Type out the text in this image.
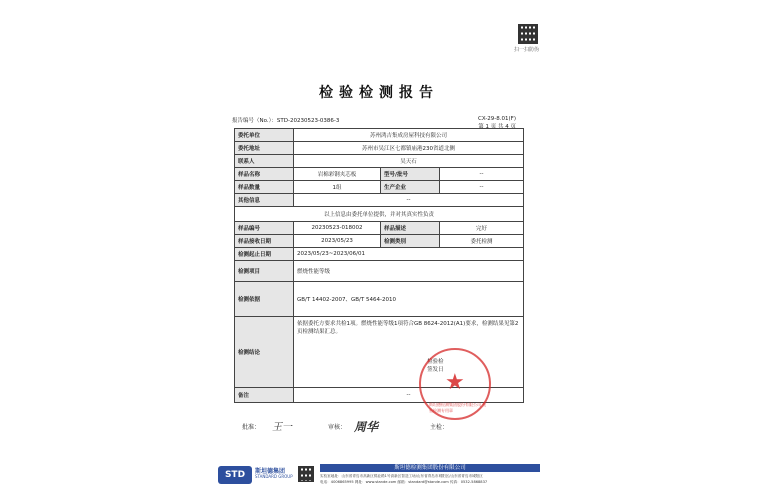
扫一扫防伪
检验检测报告
报告编号（No.）：STD-20230523-0386-3	CX-29-8.01(F)
第 1 页 共 4 页
委托单位	苏州鸿吉集成房屋科技有限公司		
委托地址	苏州市吴江区七都镇庙港230省道北侧		
联系人	吴天石		
样品名称	岩棉彩钢夹芯板	型号/批号	--
样品数量	1组	生产企业	--
其他信息	--		
以上信息由委托单位提供，并对其真实性负责			
样品编号	20230523-018002	样品描述	完好
样品接收日期	2023/05/23	检测类别	委托检测
检测起止日期	2023/05/23~2023/06/01		
检测项目	燃烧性能等级		
检测依据	GB/T 14402-2007、GB/T 5464-2010		
检测结论	依据委托方要求共检1项。燃烧性能等级1项符合GB 8624-2012(A1)要求，检测结果见第2页检测结果汇总。
检验检
签发日		

备注	--		★
斯坦德检测集团股份有限公司 检验检测专用章
批准： 王一	审核： 周华	主检：
STD	斯坦德集团
STANDARD GROUP
斯坦德检测集团股份有限公司
实验室地址：山东省青岛市高新区锦业路1号高新区智造工场/山东省青岛市城阳区/山东省青岛市城阳区
电话：4006865995 网址：www.stande.com 邮箱：standard@stande.com 传真：0532-5868837
